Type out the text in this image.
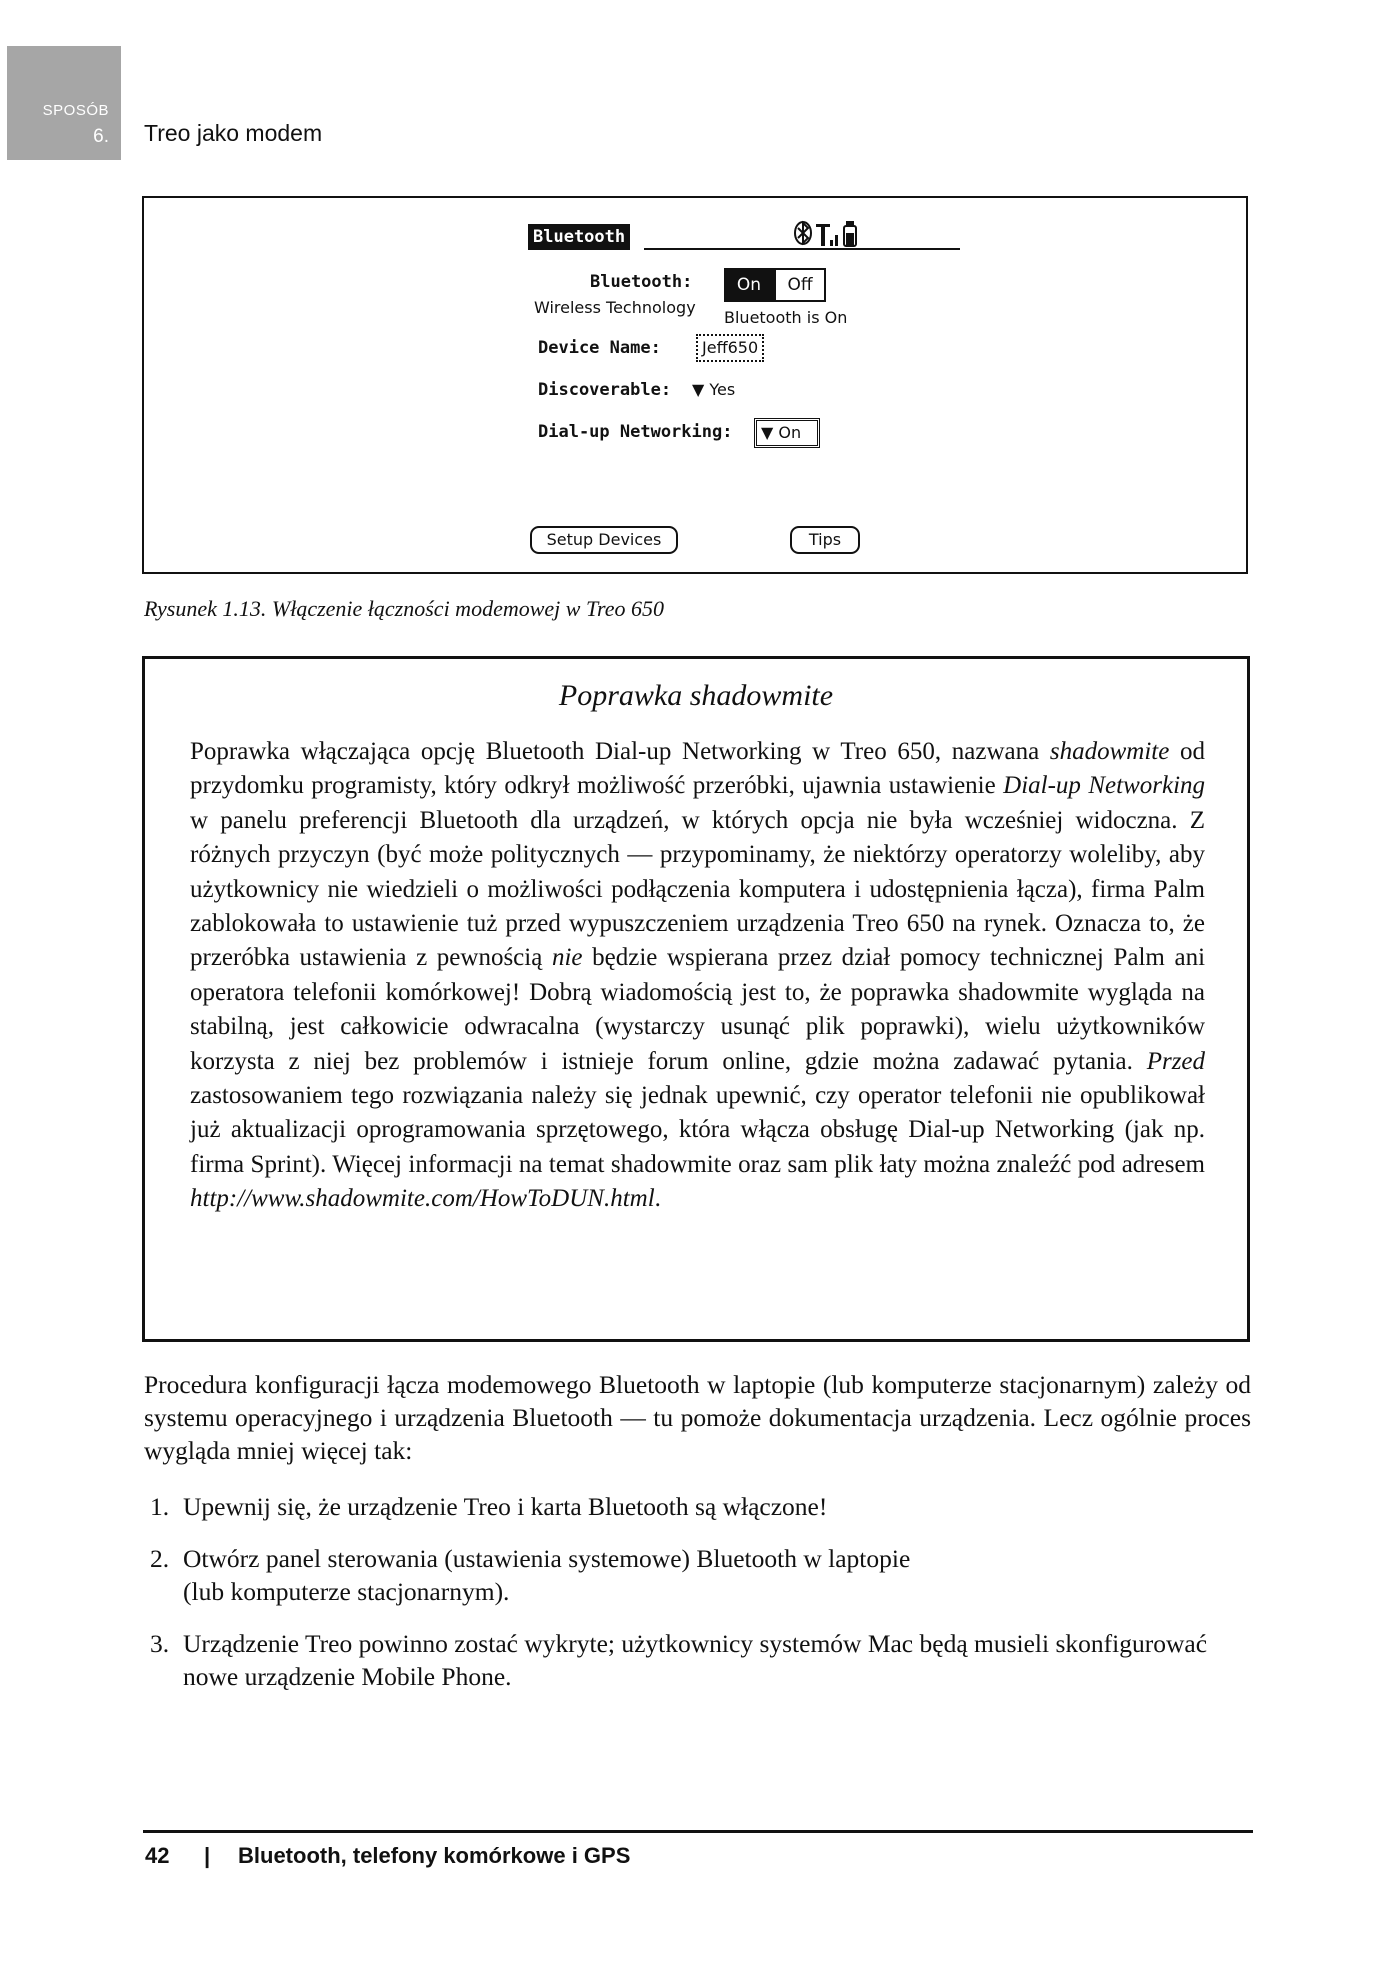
SPOSÓB
6. Treo jako modem
Bluetooth
Bluetooth:
Wireless Technology
On	Off
Bluetooth is On
Device Name:	Jeff650
Discoverable: ▼ Yes
Dial-up Networking:	▼ On
Setup Devices	Tips
Rysunek 1.13. Włączenie łączności modemowej w Treo 650
Poprawka shadowmite
Poprawka włączająca opcję Bluetooth Dial-up Networking w Treo 650, nazwana shadowmite od przydomku programisty, który odkrył możliwość przeróbki, ujawnia ustawienie Dial-up Networking w panelu preferencji Bluetooth dla urządzeń, w których opcja nie była wcześniej widoczna. Z różnych przyczyn (być może politycznych — przypominamy, że niektórzy operatorzy woleliby, aby użytkownicy nie wiedzieli o możliwości podłączenia komputera i udostępnienia łącza), firma Palm zablokowała to ustawienie tuż przed wypuszczeniem urządzenia Treo 650 na rynek. Oznacza to, że przeróbka ustawienia z pewnością nie będzie wspierana przez dział pomocy technicznej Palm ani operatora telefonii komórkowej! Dobrą wiadomością jest to, że poprawka shadowmite wygląda na stabilną, jest całkowicie odwracalna (wystarczy usunąć plik poprawki), wielu użytkowników korzysta z niej bez problemów i istnieje forum online, gdzie można zadawać pytania. Przed zastosowaniem tego rozwiązania należy się jednak upewnić, czy operator telefonii nie opublikował już aktualizacji oprogramowania sprzętowego, która włącza obsługę Dial-up Networking (jak np. firma Sprint). Więcej informacji na temat shadowmite oraz sam plik łaty można znaleźć pod adresem http://www.shadowmite.com/HowToDUN.html.
Procedura konfiguracji łącza modemowego Bluetooth w laptopie (lub komputerze stacjonarnym) zależy od systemu operacyjnego i urządzenia Bluetooth — tu pomoże dokumentacja urządzenia. Lecz ogólnie proces wygląda mniej więcej tak:
1. Upewnij się, że urządzenie Treo i karta Bluetooth są włączone!
2. Otwórz panel sterowania (ustawienia systemowe) Bluetooth w laptopie
(lub komputerze stacjonarnym).
3. Urządzenie Treo powinno zostać wykryte; użytkownicy systemów Mac będą musieli skonfigurować nowe urządzenie Mobile Phone.
42 | Bluetooth, telefony komórkowe i GPS
